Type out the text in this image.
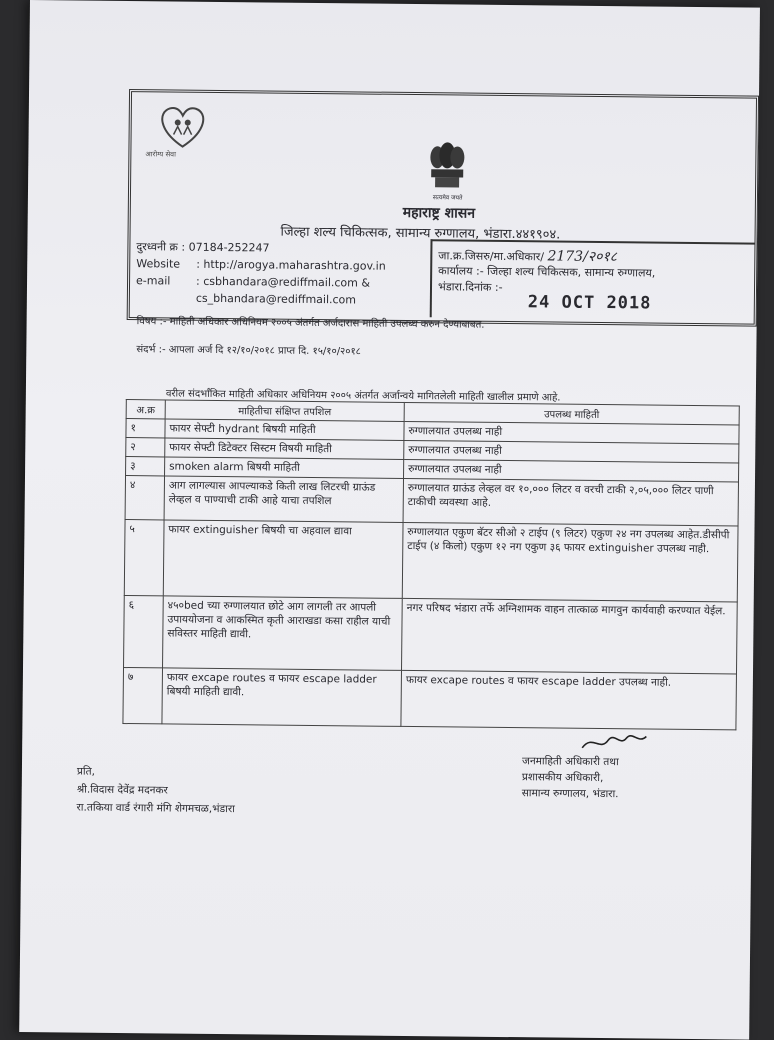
आरोग्य सेवा
सत्यमेव जयते
महाराष्ट्र शासन
जिल्हा शल्य चिकित्सक, सामान्य रुग्णालय, भंडारा.४४१९०४.
दुरध्वनी क्र : 07184-252247
Website : http://arogya.maharashtra.gov.in
e-mail : csbhandara@rediffmail.com &
cs_bhandara@rediffmail.com
जा.क्र.जिसरु/मा.अधिकार/ 2173/२०१८
कार्यालय :- जिल्हा शल्य चिकित्सक, सामान्य रुग्णालय,
भंडारा.दिनांक :-
24 OCT 2018
विषय :- माहिती अधिकार अधिनियम २००५ अंतर्गत अर्जदारास माहिती उपलब्ध करुन देण्याबाबत.
संदर्भ :- आपला अर्ज दि १२/१०/२०१८ प्राप्त दि. १५/१०/२०१८
वरील संदर्भांकित माहिती अधिकार अधिनियम २००५ अंतर्गत अर्जान्वये मागितलेली माहिती खालील प्रमाणे आहे.
अ.क्र	माहितीचा संक्षिप्त तपशिल	उपलब्ध माहिती
१	फायर सेफ्टी hydrant बिषयी माहिती	रुग्णालयात उपलब्ध नाही
२	फायर सेफ्टी डिटेक्टर सिस्टम विषयी माहिती	रुग्णालयात उपलब्ध नाही
३	smoken alarm बिषयी माहिती	रुग्णालयात उपलब्ध नाही
४	आग लागल्यास आपल्याकडे किती लाख लिटरची ग्राऊंड लेव्हल व पाण्याची टाकी आहे याचा तपशिल	रुग्णालयात ग्राऊंड लेव्हल वर १०,००० लिटर व वरची टाकी २,०५,००० लिटर पाणी टाकीची व्यवस्था आहे.
५	फायर extinguisher बिषयी चा अहवाल द्यावा	रुग्णालयात एकुण बॅटर सीओ २ टाईप (९ लिटर) एकुण २४ नग उपलब्ध आहेत.डीसीपी टाईप (४ किलो) एकुण १२ नग एकुण ३६ फायर extinguisher उपलब्ध नाही.
६	४५०bed च्या रुग्णालयात छोटे आग लागली तर आपली उपाययोजना व आकस्मित कृती आराखडा कसा राहील याची सविस्तर माहिती द्यावी.	नगर परिषद भंडारा तर्फे अग्निशामक वाहन तात्काळ मागवुन कार्यवाही करण्यात येईल.
७	फायर excape routes व फायर escape ladder बिषयी माहिती द्यावी.	फायर excape routes व फायर escape ladder उपलब्ध नाही.
जनमाहिती अधिकारी तथा
प्रशासकीय अधिकारी,
सामान्य रुग्णालय, भंडारा.
प्रति,
श्री.विदास देवेंद्र मदनकर
रा.तकिया वार्ड रंगारी मंगि शेगमचळ,भंडारा
